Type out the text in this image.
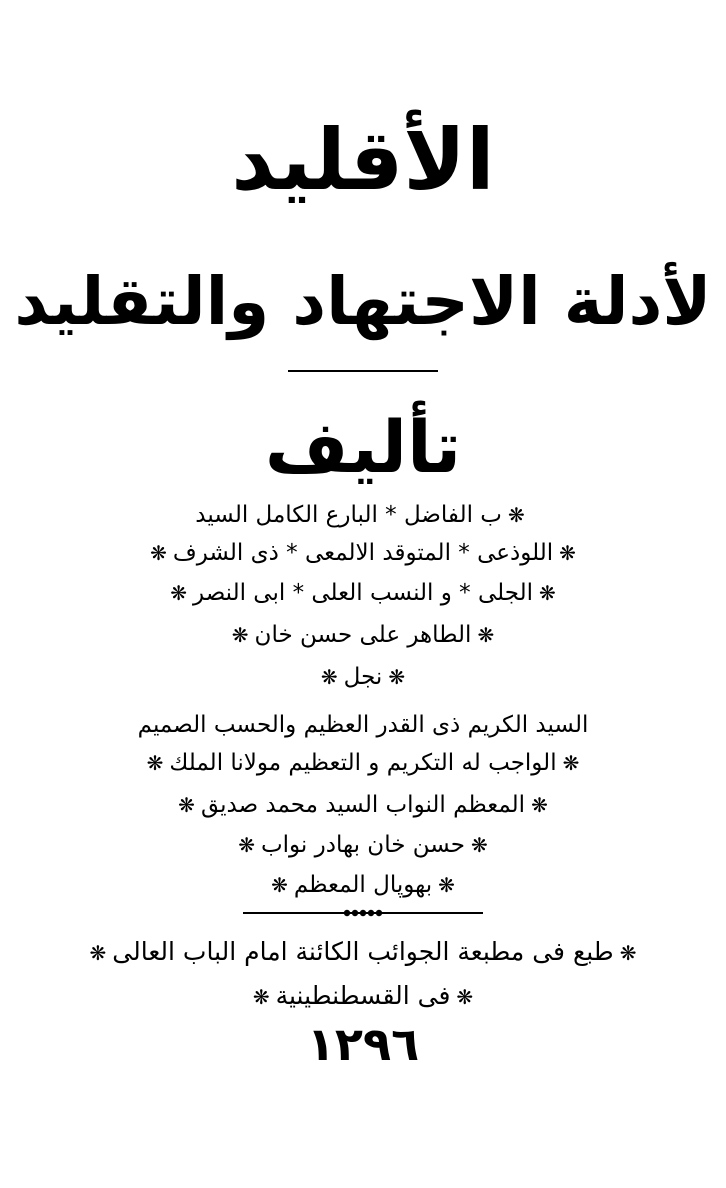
الأقليد
لأدلة الاجتهاد والتقليد
تأليف
❋ب الفاضل * البارع الكامل السيد
❋اللوذعى * المتوقد الالمعى * ذى الشرف❋
❋الجلى * و النسب العلى * ابى النصر❋
❋الطاهر على حسن خان❋
❋نجل❋
السيد الكريم ذى القدر العظيم والحسب الصميم
❋الواجب له التكريم و التعظيم مولانا الملك❋
❋المعظم النواب السيد محمد صديق❋
❋حسن خان بهادر نواب❋
❋بهوپال المعظم❋
❋طبع فى مطبعة الجوائب الكائنة امام الباب العالى❋
❋فى القسطنطينية❋
١٢٩٦
